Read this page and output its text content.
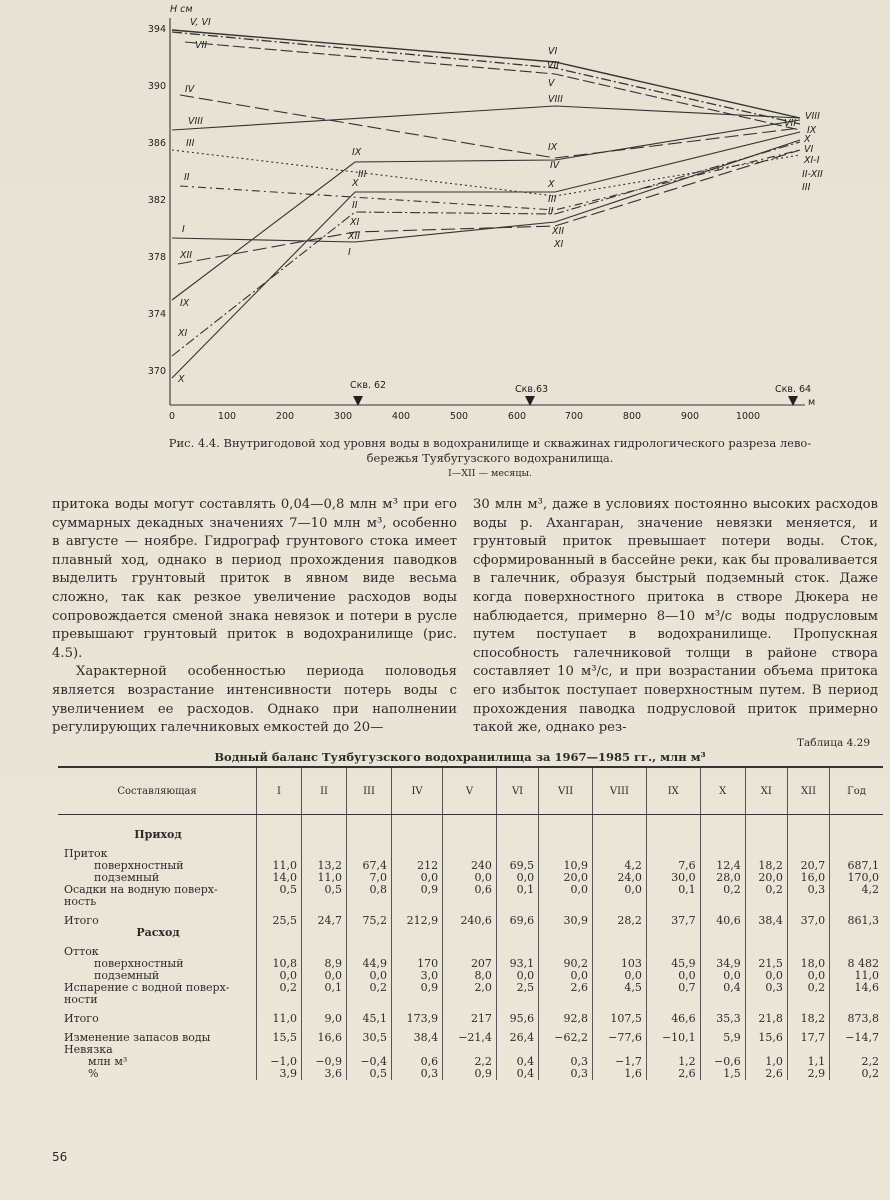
H см
м
394
390
386
382
378
374
370
0	100	200	300	400	500	600	700	800	900	1000
Скв. 62	Скв.63	Скв. 64
V, VI
VII
IV
VIII
III
II
I
XII
IX
XI
X
IX
III
X
II
XI
XII
I
VI
VII
V
VIII
IX
IV
X
III
II
XII
XI
VIII
VII
IX
X
VI
XI-I
II-XII
III
Рис. 4.4. Внутригодовой ход уровня воды в водохранилище и скважинах гидрологического разреза лево-
бережья Туябугузского водохранилища.
I—XII — месяцы.

притока воды могут составлять 0,04—0,8 млн м³ при его суммарных декадных значениях 7—10 млн м³, особенно в августе — ноябре. Гидрограф грунтового стока имеет плавный ход, однако в период прохождения паводков выделить грунтовый приток в явном виде весьма сложно, так как резкое увеличение расходов воды сопровождается сменой знака невязок и потери в русле превышают грунтовый приток в водохранилище (рис. 4.5).

Характерной особенностью периода половодья является возрастание интенсивности потерь воды с увеличением ее расходов. Однако при наполнении регулирующих галечниковых емкостей до 20—

30 млн м³, даже в условиях постоянно высоких расходов воды р. Ахангаран, значение невязки меняется, и грунтовый приток превышает потери воды. Сток, сформированный в бассейне реки, как бы проваливается в галечник, образуя быстрый подземный сток. Даже когда поверхностного притока в створе Дюкера не наблюдается, примерно 8—10 м³/с воды подрусловым путем поступает в водохранилище. Пропускная способность галечниковой толщи в районе створа составляет 10 м³/с, и при возрастании объема притока его избыток поступает поверхностным путем. В период прохождения паводка подрусловой приток примерно такой же, однако рез-

Таблица 4.29
Водный баланс Туябугузского водохранилища за 1967—1985 гг., млн м³
Составляющая	I	II	III	IV	V	VI	VII	VIII	IX	X	XI	XII	Год

Приход													

Приток													
поверхностный	11,0	13,2	67,4	212	240	69,5	10,9	4,2	7,6	12,4	18,2	20,7	687,1
подземный	14,0	11,0	7,0	0,0	0,0	0,0	20,0	24,0	30,0	28,0	20,0	16,0	170,0
Осадки на водную поверх-	0,5	0,5	0,8	0,9	0,6	0,1	0,0	0,0	0,1	0,2	0,2	0,3	4,2
ность													

Итого	25,5	24,7	75,2	212,9	240,6	69,6	30,9	28,2	37,7	40,6	38,4	37,0	861,3
Расход													

Отток													
поверхностный	10,8	8,9	44,9	170	207	93,1	90,2	103	45,9	34,9	21,5	18,0	8 482
подземный	0,0	0,0	0,0	3,0	8,0	0,0	0,0	0,0	0,0	0,0	0,0	0,0	11,0
Испарение с водной поверх-	0,2	0,1	0,2	0,9	2,0	2,5	2,6	4,5	0,7	0,4	0,3	0,2	14,6
ности													

Итого	11,0	9,0	45,1	173,9	217	95,6	92,8	107,5	46,6	35,3	21,8	18,2	873,8

Изменение запасов воды	15,5	16,6	30,5	38,4	−21,4	26,4	−62,2	−77,6	−10,1	5,9	15,6	17,7	−14,7
Невязка													
млн м³	−1,0	−0,9	−0,4	0,6	2,2	0,4	0,3	−1,7	1,2	−0,6	1,0	1,1	2,2
%	3,9	3,6	0,5	0,3	0,9	0,4	0,3	1,6	2,6	1,5	2,6	2,9	0,2
56
